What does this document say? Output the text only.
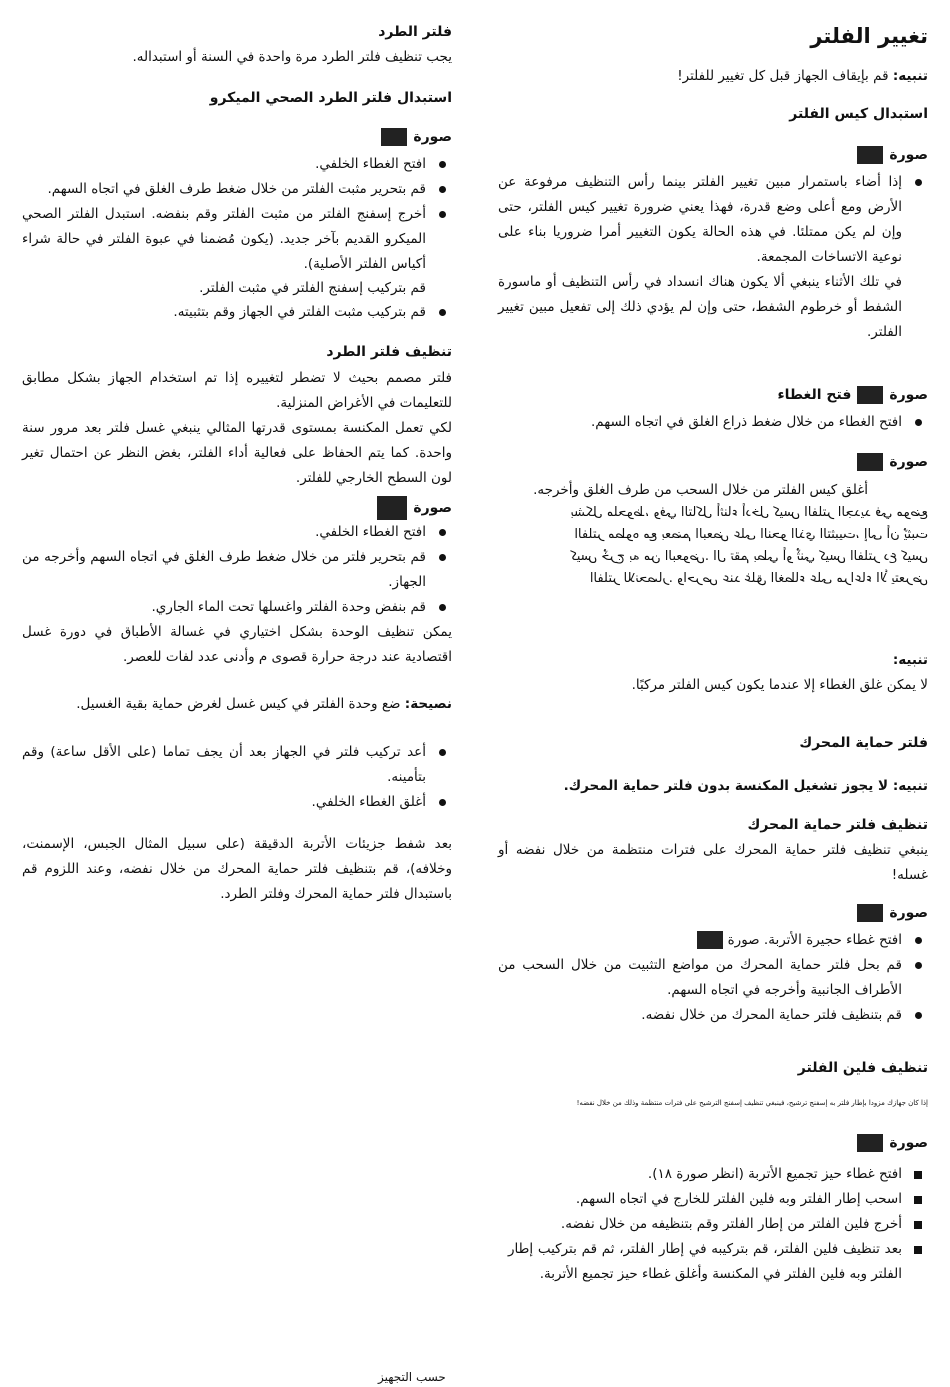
تغيير الفلتر
تنبيه: قم بإيقاف الجهاز قبل كل تغيير للفلتر!
استبدال كيس الفلتر
صورة
إذا أضاء باستمرار مبين تغيير الفلتر بينما رأس التنظيف مرفوعة عن الأرض ومع أعلى وضع قدرة، فهذا يعني ضرورة تغيير كيس الفلتر، حتى وإن لم يكن ممتلئا. في هذه الحالة يكون التغيير أمرا ضروريا بناء على نوعية الاتساخات المجمعة.
في تلك الأثناء ينبغي ألا يكون هناك انسداد في رأس التنظيف أو ماسورة الشفط أو خرطوم الشفط، حتى وإن لم يؤدي ذلك إلى تفعيل مبين تغيير الفلتر.
صورة
فتح الغطاء
افتح الغطاء من خلال ضغط ذراع الغلق في اتجاه السهم.
صورة
أغلق كيس الفلتر من خلال السحب من طرف الغلق وأخرجه.
عضوم يف ديدجلا رتلفلا سيك لخدأ ءانثأ لكاتلا يفو ،ظوحلم لكشب تبثيٌ نأ ىلإ ،تيبثتلا يذلا وحنلا ىلع ضعبلا مضعب عم هوطم رتلفلا سيك عد رتلفلا سيك ينثٌ وأ يطب مقت لا .ضوعبلا نم هب جرخٌ سيك ضرعتي ألا ءاعارم ىلع ءاطغلا قلغ دنع صرحاو .راصحنالل رتلفلا
تنبيه:
لا يمكن غلق الغطاء إلا عندما يكون كيس الفلتر مركبًا.
فلتر حماية المحرك
تنبيه: لا يجوز تشغيل المكنسة بدون فلتر حماية المحرك.
تنظيف فلتر حماية المحرك
ينبغي تنظيف فلتر حماية المحرك على فترات منتظمة من خلال نفضه أو غسله!
صورة
افتح غطاء حجيرة الأتربة. صورة
قم بحل فلتر حماية المحرك من مواضع التثبيت من خلال السحب من الأطراف الجانبية وأخرجه في اتجاه السهم.
قم بتنظيف فلتر حماية المحرك من خلال نفضه.
تنظيف فلين الفلتر
إذا كان جهازك مزودا بإطار فلتر به إسفنج ترشيح، فينبغي تنظيف إسفنج الترشيح على فترات منتظمة وذلك من خلال نفضه!
صورة
افتح غطاء حيز تجميع الأتربة (انظر صورة ١٨).
اسحب إطار الفلتر وبه فلين الفلتر للخارج في اتجاه السهم.
أخرج فلين الفلتر من إطار الفلتر وقم بتنظيفه من خلال نفضه.
بعد تنظيف فلين الفلتر، قم بتركيبه في إطار الفلتر، ثم قم بتركيب إطار الفلتر وبه فلين الفلتر في المكنسة وأغلق غطاء حيز تجميع الأتربة.
فلتر الطرد
يجب تنظيف فلتر الطرد مرة واحدة في السنة أو استبداله.
استبدال فلتر الطرد الصحي الميكرو
صورة
افتح الغطاء الخلفي.
قم بتحرير مثبت الفلتر من خلال ضغط طرف الغلق في اتجاه السهم.
أخرج إسفنج الفلتر من مثبت الفلتر وقم بنفضه. استبدل الفلتر الصحي الميكرو القديم بآخر جديد. (يكون مُضمنا في عبوة الفلتر في حالة شراء أكياس الفلتر الأصلية).
قم بتركيب إسفنج الفلتر في مثبت الفلتر.
قم بتركيب مثبت الفلتر في الجهاز وقم بتثبيته.
تنظيف فلتر الطرد
فلتر مصمم بحيث لا تضطر لتغييره إذا تم استخدام الجهاز بشكل مطابق للتعليمات في الأغراض المنزلية.
لكي تعمل المكنسة بمستوى قدرتها المثالي ينبغي غسل فلتر بعد مرور سنة واحدة. كما يتم الحفاظ على فعالية أداء الفلتر، بغض النظر عن احتمال تغير لون السطح الخارجي للفلتر.
صورة
افتح الغطاء الخلفي.
قم بتحرير فلتر من خلال ضغط طرف الغلق في اتجاه السهم وأخرجه من الجهاز.
قم بنفض وحدة الفلتر واغسلها تحت الماء الجاري.
يمكن تنظيف الوحدة بشكل اختياري في غسالة الأطباق في دورة غسل اقتصادية عند درجة حرارة قصوى م وأدنى عدد لفات للعصر.
نصيحة: ضع وحدة الفلتر في كيس غسل لغرض حماية بقية الغسيل.
أعد تركيب فلتر في الجهاز بعد أن يجف تماما (على الأقل ساعة) وقم بتأمينه.
أغلق الغطاء الخلفي.
بعد شفط جزيئات الأتربة الدقيقة (على سبيل المثال الجبس، الإسمنت، وخلافه)، قم بتنظيف فلتر حماية المحرك من خلال نفضه، وعند اللزوم قم باستبدال فلتر حماية المحرك وفلتر الطرد.
حسب التجهيز
